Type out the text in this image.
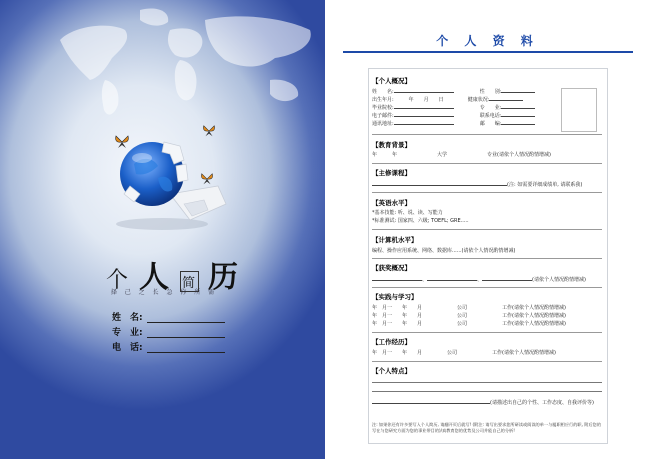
个 人 简 历
择 己 之 长 急 你 所 需
姓　名:
专　业:
电　话:
个 人 资 料
【个人概况】
姓　　名:	性　　别:
出生年月:　　　年　　月　　日	健康状况:
毕业院校:	专　　业:
电子邮件:	联系电话:
通讯地址:	邮　　编:
【教育背景】
年　　　年　　　　　　　　大学　　　　　　　　专业(请依个人情况酌情增减)
【主修课程】
(注: 如需要详细成绩单, 请联系我)
【英语水平】
*基本技能: 听、说、读、写能力
*标准测试: 国家四、六级; TOEFL; GRE.....
【计算机水平】
编程、操作应用系统、网络、数据库......(请依个人情况酌情增减)
【获奖概况】
、	、	(请依个人情况酌情增减)
【实践与学习】
年　月一　　年　　月　　　　　　　公司　　　　　　　工作(请依个人情况酌情增减)
年　月一　　年　　月　　　　　　　公司　　　　　　　工作(请依个人情况酌情增减)
年　月一　　年　　月　　　　　　　公司　　　　　　　工作(请依个人情况酌情增减)
【工作经历】
年　月一　　年　　月　　　　　公司　　　　　　　工作(请依个人情况酌情增减)
【个人特点】
(请描述出自己的个性、工作态度、自我评价等)
注: 如果你还有许多要写入个人简历, 请翻开页后就写! (附注: 请写出要求您所研读或阅读的单一与履职相应行的职, 附后您的写在与您研究方面为您的事业带目的)/真教育您的优势及公司并能自己的分析!
